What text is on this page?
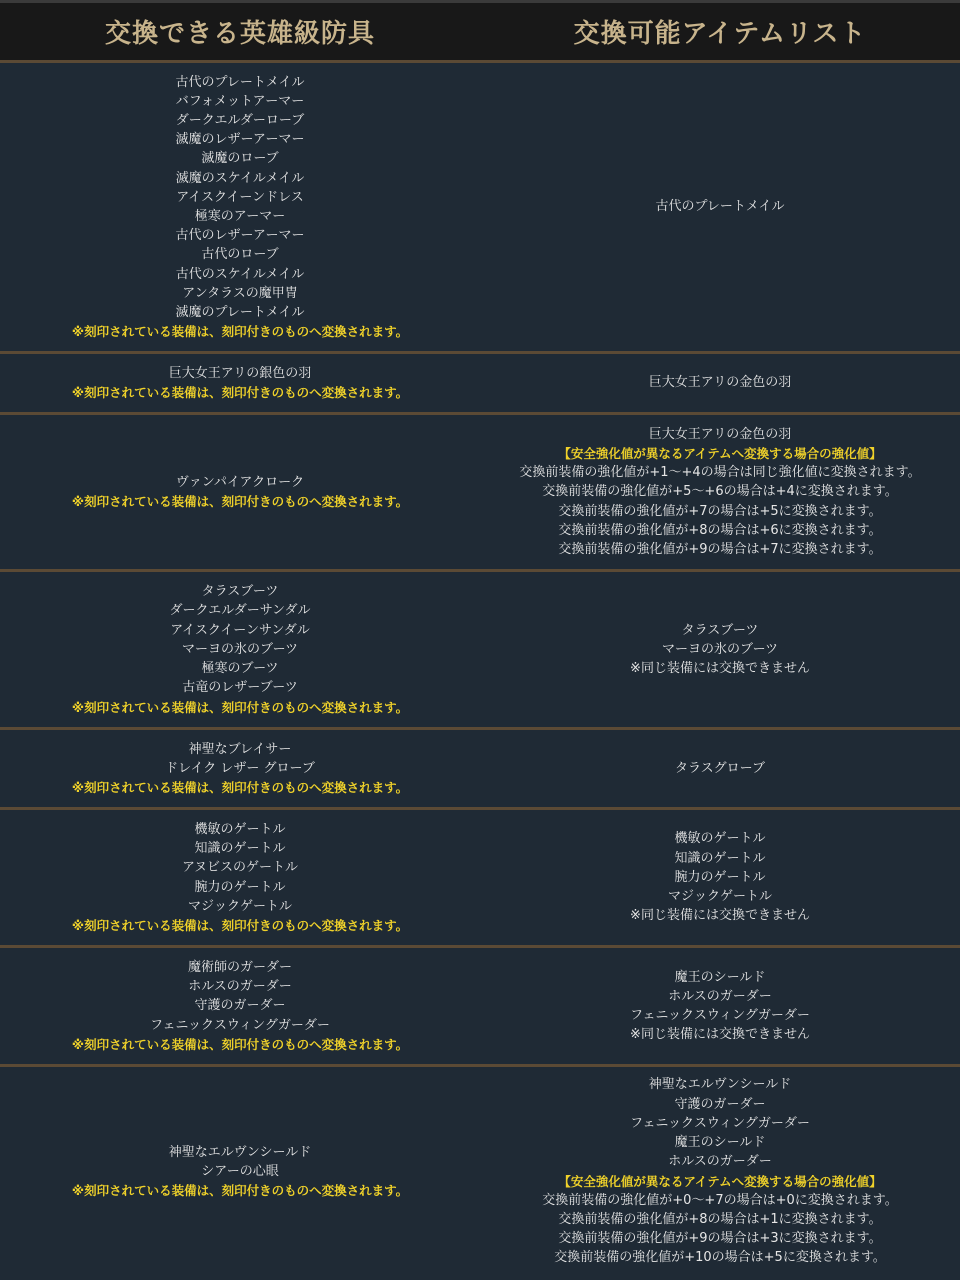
交換できる英雄級防具	交換可能アイテムリスト
古代のプレートメイル
バフォメットアーマー
ダークエルダーローブ
滅魔のレザーアーマー
滅魔のローブ
滅魔のスケイルメイル
アイスクイーンドレス
極寒のアーマー
古代のレザーアーマー
古代のローブ
古代のスケイルメイル
アンタラスの魔甲冑
滅魔のプレートメイル
※刻印されている装備は、刻印付きのものへ変換されます。
古代のプレートメイル
巨大女王アリの銀色の羽
※刻印されている装備は、刻印付きのものへ変換されます。
巨大女王アリの金色の羽
ヴァンパイアクローク
※刻印されている装備は、刻印付きのものへ変換されます。
巨大女王アリの金色の羽
【安全強化値が異なるアイテムへ変換する場合の強化値】
交換前装備の強化値が+1～+4の場合は同じ強化値に変換されます。
交換前装備の強化値が+5～+6の場合は+4に変換されます。
交換前装備の強化値が+7の場合は+5に変換されます。
交換前装備の強化値が+8の場合は+6に変換されます。
交換前装備の強化値が+9の場合は+7に変換されます。
タラスブーツ
ダークエルダーサンダル
アイスクイーンサンダル
マーヨの氷のブーツ
極寒のブーツ
古竜のレザーブーツ
※刻印されている装備は、刻印付きのものへ変換されます。
タラスブーツ
マーヨの氷のブーツ
※同じ装備には交換できません
神聖なブレイサー
ドレイク レザー グローブ
※刻印されている装備は、刻印付きのものへ変換されます。
タラスグローブ
機敏のゲートル
知識のゲートル
アヌビスのゲートル
腕力のゲートル
マジックゲートル
※刻印されている装備は、刻印付きのものへ変換されます。
機敏のゲートル
知識のゲートル
腕力のゲートル
マジックゲートル
※同じ装備には交換できません
魔術師のガーダー
ホルスのガーダー
守護のガーダー
フェニックスウィングガーダー
※刻印されている装備は、刻印付きのものへ変換されます。
魔王のシールド
ホルスのガーダー
フェニックスウィングガーダー
※同じ装備には交換できません
神聖なエルヴンシールド
シアーの心眼
※刻印されている装備は、刻印付きのものへ変換されます。
神聖なエルヴンシールド
守護のガーダー
フェニックスウィングガーダー
魔王のシールド
ホルスのガーダー
【安全強化値が異なるアイテムへ変換する場合の強化値】
交換前装備の強化値が+0～+7の場合は+0に変換されます。
交換前装備の強化値が+8の場合は+1に変換されます。
交換前装備の強化値が+9の場合は+3に変換されます。
交換前装備の強化値が+10の場合は+5に変換されます。
